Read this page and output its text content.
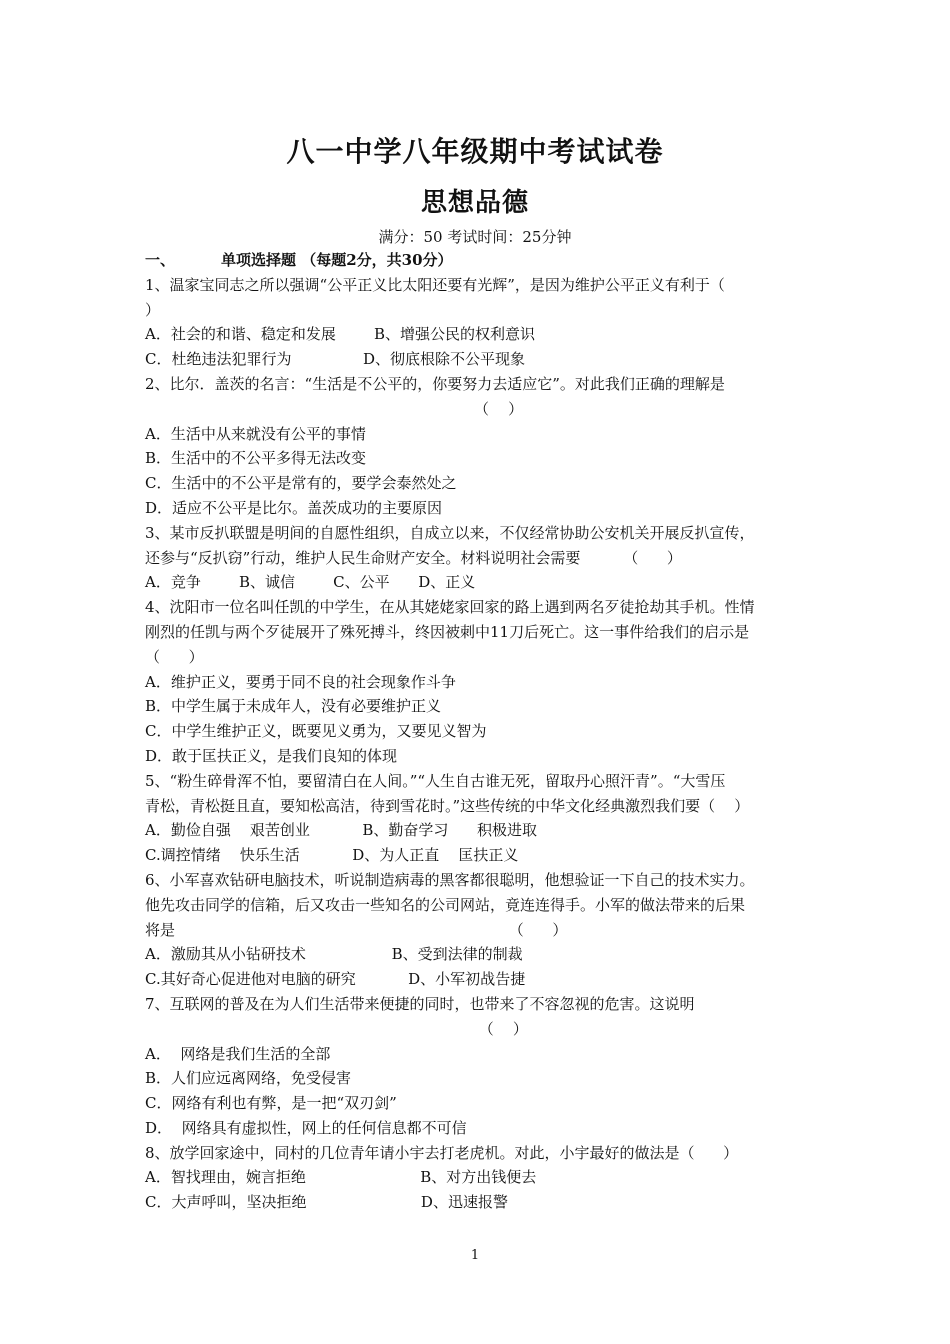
八一中学八年级期中考试试卷
思想品德
满分：50 考试时间：25分钟
一、	单项选择题 （每题2分，共30分）
1、温家宝同志之所以强调“公平正义比太阳还要有光辉”，是因为维护公平正义有利于（
）
A．社会的和谐、稳定和发展        B、增强公民的权利意识
C．杜绝违法犯罪行为               D、彻底根除不公平现象
2、比尔．盖茨的名言：“生活是不公平的，你要努力去适应它”。对此我们正确的理解是
（    ）
A．生活中从来就没有公平的事情
B．生活中的不公平多得无法改变
C．生活中的不公平是常有的，要学会泰然处之
D．适应不公平是比尔。盖茨成功的主要原因
3、某市反扒联盟是明间的自愿性组织，自成立以来，不仅经常协助公安机关开展反扒宣传，
还参与“反扒窃”行动，维护人民生命财产安全。材料说明社会需要         （      ）
A．竞争        B、诚信        C、公平      D、正义
4、沈阳市一位名叫任凯的中学生，在从其姥姥家回家的路上遇到两名歹徒抢劫其手机。性情
刚烈的任凯与两个歹徒展开了殊死搏斗，终因被刺中11刀后死亡。这一事件给我们的启示是
（      ）
A．维护正义，要勇于同不良的社会现象作斗争
B．中学生属于未成年人，没有必要维护正义
C．中学生维护正义，既要见义勇为，又要见义智为
D．敢于匡扶正义，是我们良知的体现
5、“粉生碎骨浑不怕，要留清白在人间。”“人生自古谁无死，留取丹心照汗青”。“大雪压
青松，青松挺且直，要知松高洁，待到雪花时。”这些传统的中华文化经典激烈我们要（    ）
A．勤俭自强    艰苦创业           B、勤奋学习      积极进取
C.调控情绪    快乐生活           D、为人正直    匡扶正义
6、小军喜欢钻研电脑技术，听说制造病毒的黑客都很聪明，他想验证一下自己的技术实力。
他先攻击同学的信箱，后又攻击一些知名的公司网站，竟连连得手。小军的做法带来的后果
将是                                                                      （      ）
A．激励其从小钻研技术                  B、受到法律的制裁
C.其好奇心促进他对电脑的研究           D、小军初战告捷
7、互联网的普及在为人们生活带来便捷的同时，也带来了不容忽视的危害。这说明
（    ）
A．  网络是我们生活的全部
B．人们应远离网络，免受侵害
C．网络有利也有弊，是一把“双刃剑”
D．  网络具有虚拟性，网上的任何信息都不可信
8、放学回家途中，同村的几位青年请小宇去打老虎机。对此，小宇最好的做法是（      ）
A．智找理由，婉言拒绝                        B、对方出钱便去
C．大声呼叫，坚决拒绝                        D、迅速报警
1
